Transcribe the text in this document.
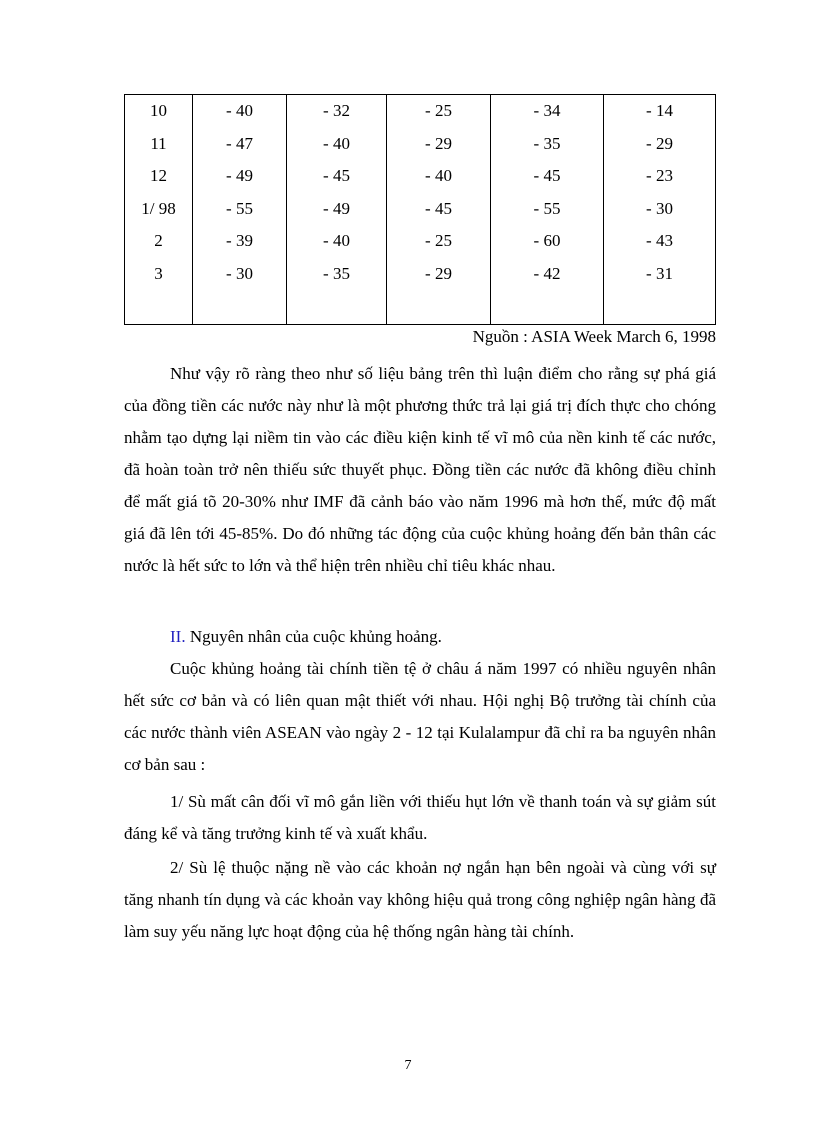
10	- 40	- 32	- 25	- 34	- 14
11	- 47	- 40	- 29	- 35	- 29
12	- 49	- 45	- 40	- 45	- 23
1/ 98	- 55	- 49	- 45	- 55	- 30
2	- 39	- 40	- 25	- 60	- 43
3	- 30	- 35	- 29	- 42	- 31

Nguồn : ASIA Week March 6, 1998

Như vậy rõ ràng theo như số liệu bảng trên thì luận điểm cho rằng sự phá giá của đồng tiền các nước này như là một phương thức trả lại giá trị đích thực cho chóng nhằm tạo dựng lại niềm tin vào các điều kiện kinh tế vĩ mô của nền kinh tế các nước, đã hoàn toàn trở nên thiếu sức thuyết phục. Đồng tiền các nước đã không điều chỉnh để mất giá tõ 20-30% như IMF đã cảnh báo vào năm 1996 mà hơn thế, mức độ mất giá đã lên tới 45-85%. Do đó những tác động của cuộc khủng hoảng đến bản thân các nước là hết sức to lớn và thể hiện trên nhiều chỉ tiêu khác nhau.

II. Nguyên nhân của cuộc khủng hoảng.

Cuộc khủng hoảng tài chính tiền tệ ở châu á năm 1997 có nhiều nguyên nhân hết sức cơ bản và có liên quan mật thiết với nhau. Hội nghị Bộ trưởng tài chính của các nước thành viên ASEAN vào ngày 2 - 12 tại Kulalampur đã chỉ ra ba nguyên nhân cơ bản sau :

1/ Sù mất cân đối vĩ mô gắn liền với thiếu hụt lớn về thanh toán và sự giảm sút đáng kể và tăng trưởng kinh tế và xuất khẩu.

2/ Sù lệ thuộc nặng nề vào các khoản nợ ngắn hạn bên ngoài và cùng với sự tăng nhanh tín dụng và các khoản vay không hiệu quả trong công nghiệp ngân hàng đã làm suy yếu năng lực hoạt động của hệ thống ngân hàng tài chính.

7
